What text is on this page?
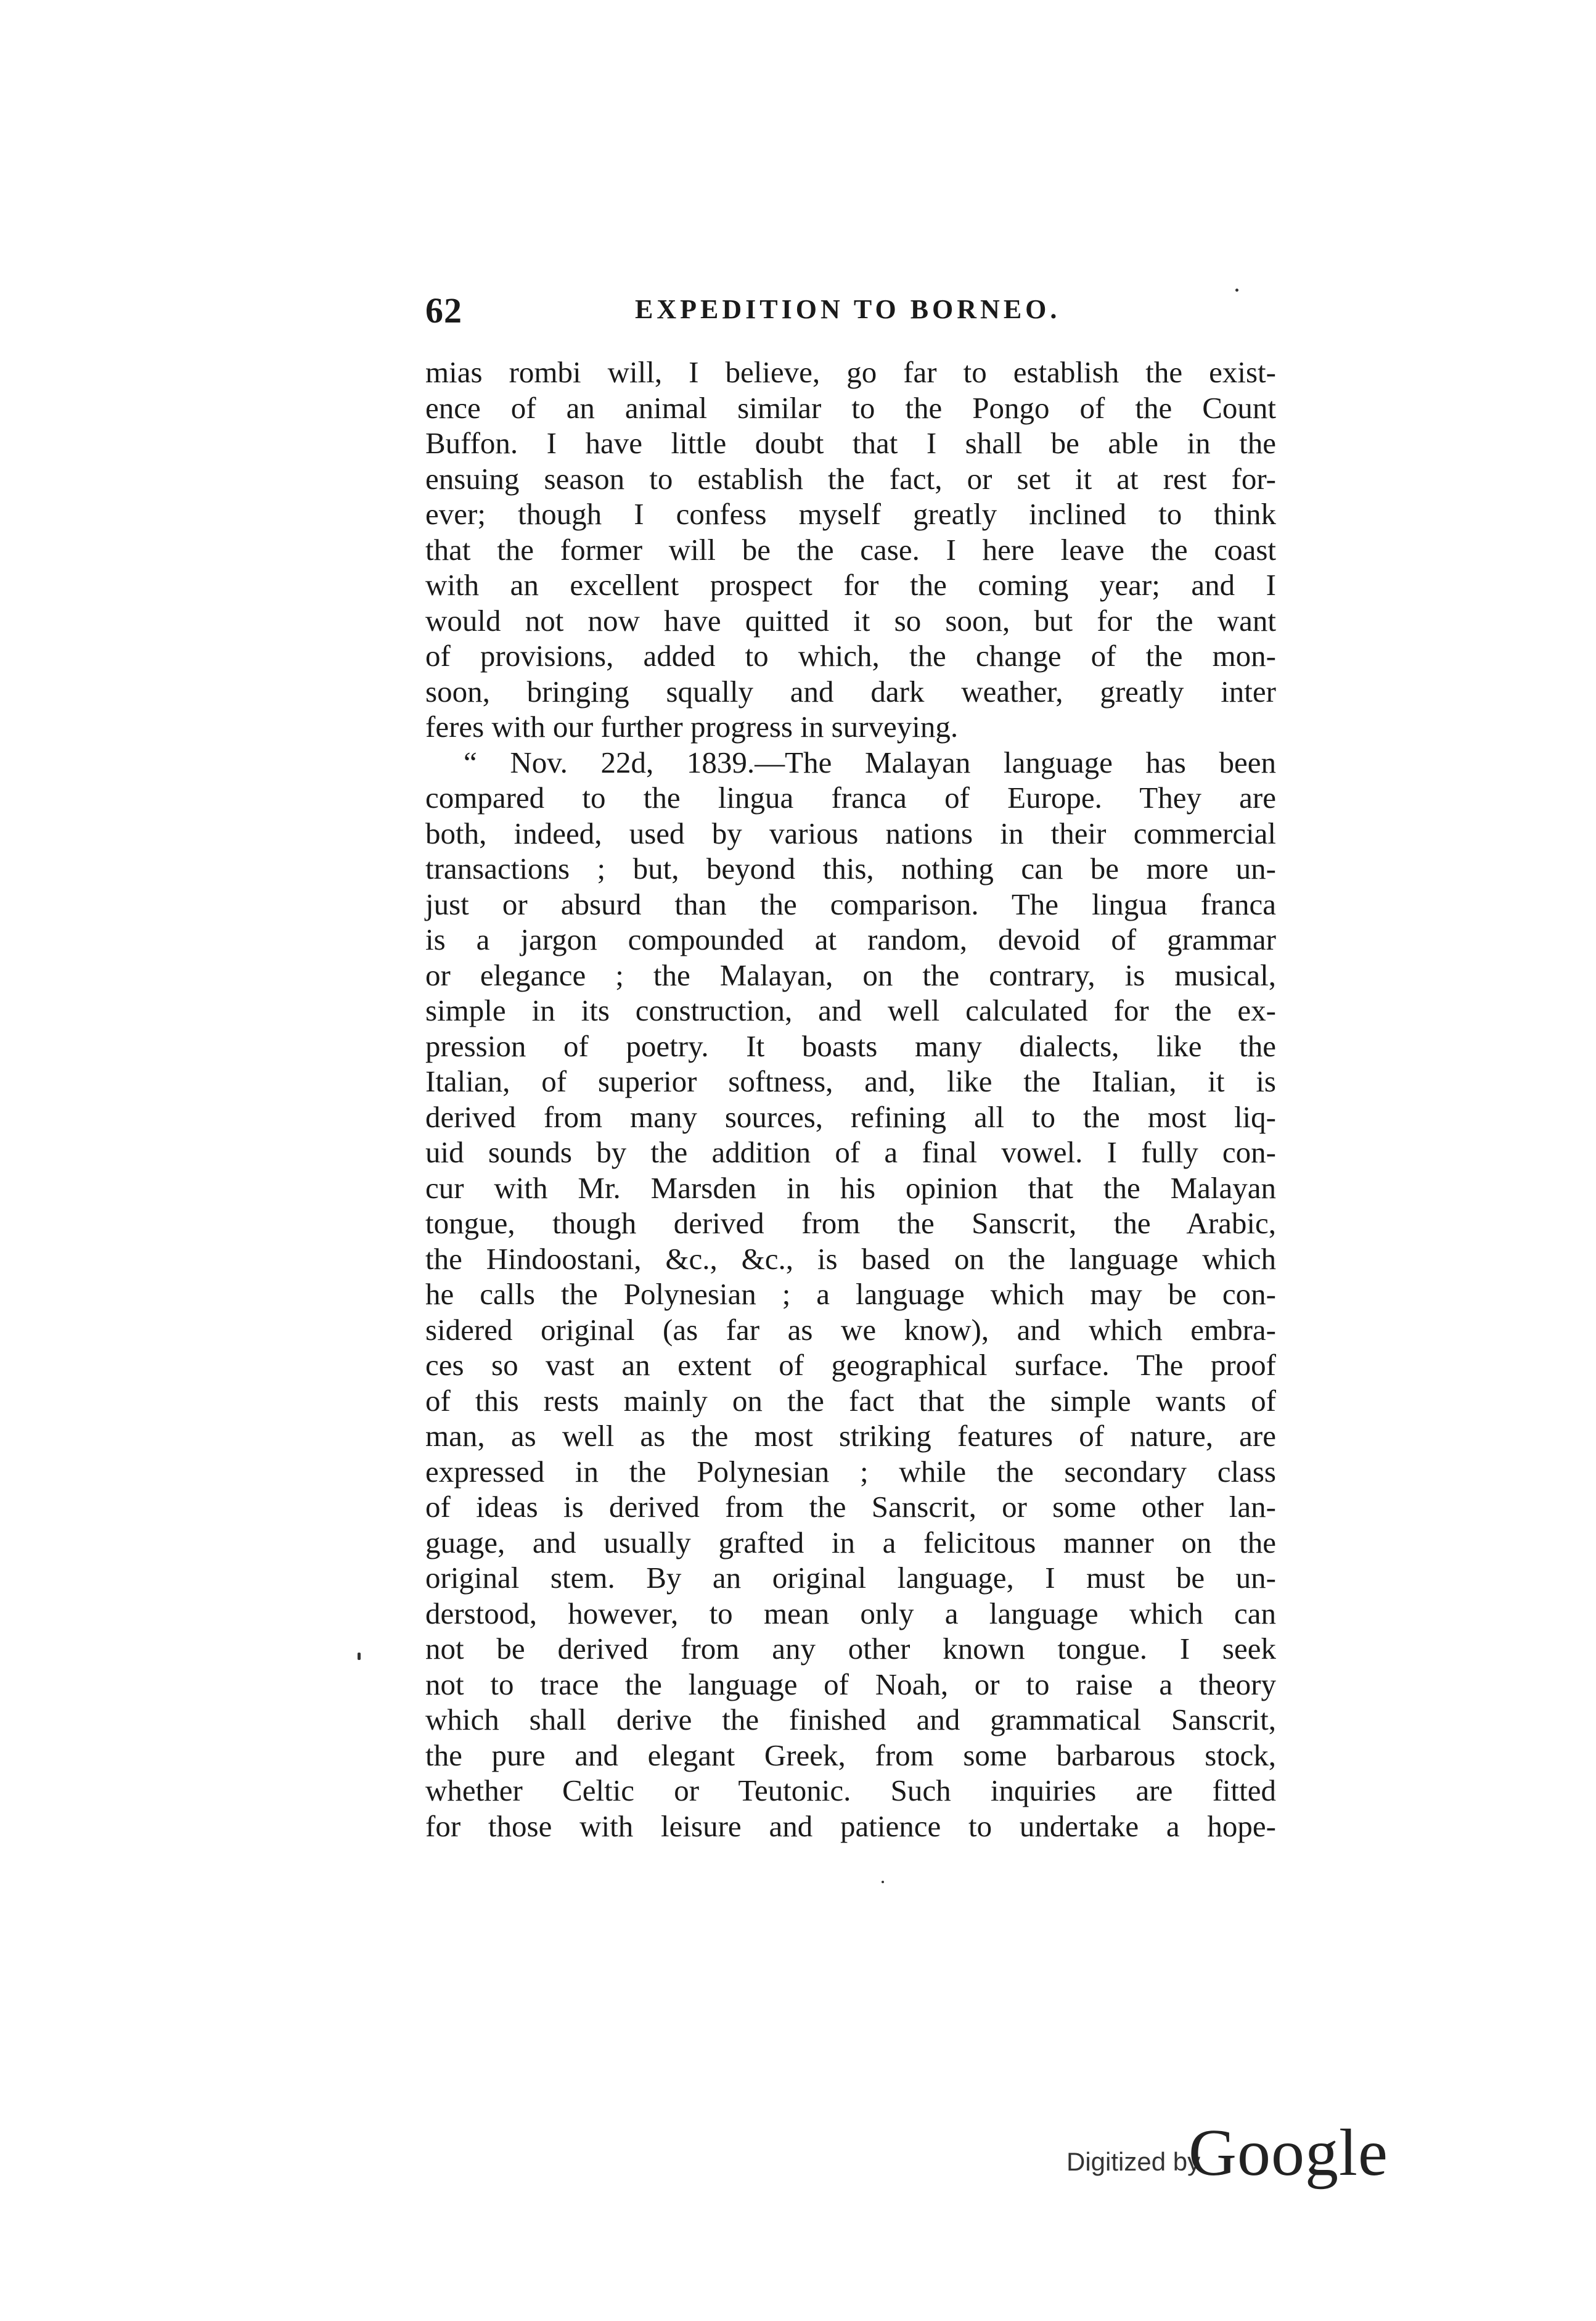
62	EXPEDITION TO BORNEO.
mias rombi will, I believe, go far to establish the exist-
ence of an animal similar to the Pongo of the Count
Buffon. I have little doubt that I shall be able in the
ensuing season to establish the fact, or set it at rest for-
ever; though I confess myself greatly inclined to think
that the former will be the case. I here leave the coast
with an excellent prospect for the coming year; and I
would not now have quitted it so soon, but for the want
of provisions, added to which, the change of the mon-
soon, bringing squally and dark weather, greatly inter
feres with our further progress in surveying.
“ Nov. 22d, 1839.—The Malayan language has been
compared to the lingua franca of Europe. They are
both, indeed, used by various nations in their commercial
transactions ; but, beyond this, nothing can be more un-
just or absurd than the comparison. The lingua franca
is a jargon compounded at random, devoid of grammar
or elegance ; the Malayan, on the contrary, is musical,
simple in its construction, and well calculated for the ex-
pression of poetry. It boasts many dialects, like the
Italian, of superior softness, and, like the Italian, it is
derived from many sources, refining all to the most liq-
uid sounds by the addition of a final vowel. I fully con-
cur with Mr. Marsden in his opinion that the Malayan
tongue, though derived from the Sanscrit, the Arabic,
the Hindoostani, &c., &c., is based on the language which
he calls the Polynesian ; a language which may be con-
sidered original (as far as we know), and which embra-
ces so vast an extent of geographical surface. The proof
of this rests mainly on the fact that the simple wants of
man, as well as the most striking features of nature, are
expressed in the Polynesian ; while the secondary class
of ideas is derived from the Sanscrit, or some other lan-
guage, and usually grafted in a felicitous manner on the
original stem. By an original language, I must be un-
derstood, however, to mean only a language which can
not be derived from any other known tongue. I seek
not to trace the language of Noah, or to raise a theory
which shall derive the finished and grammatical Sanscrit,
the pure and elegant Greek, from some barbarous stock,
whether Celtic or Teutonic. Such inquiries are fitted
for those with leisure and patience to undertake a hope-
Digitized by
Google
